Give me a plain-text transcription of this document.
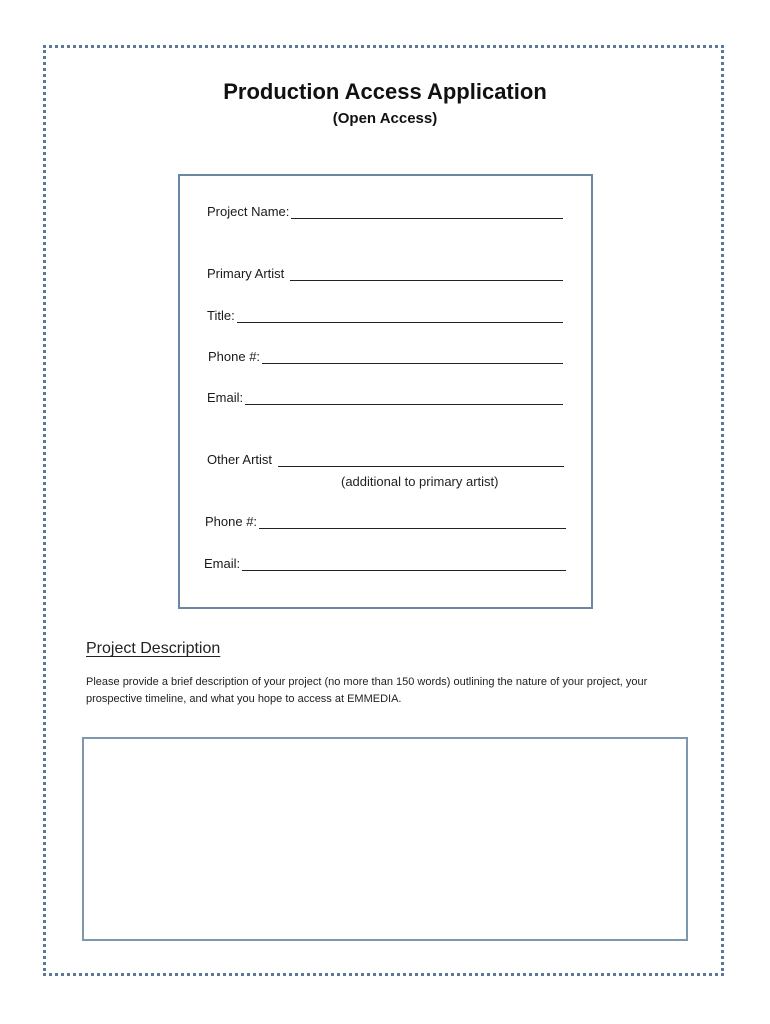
Production Access Application
(Open Access)
Project Name:
Primary Artist
Title:
Phone #:
Email:
Other Artist
(additional to primary artist)
Phone #:
Email:
Project Description
Please provide a brief description of your project (no more than 150 words) outlining the nature of your project, your prospective timeline, and what you hope to access at EMMEDIA.
